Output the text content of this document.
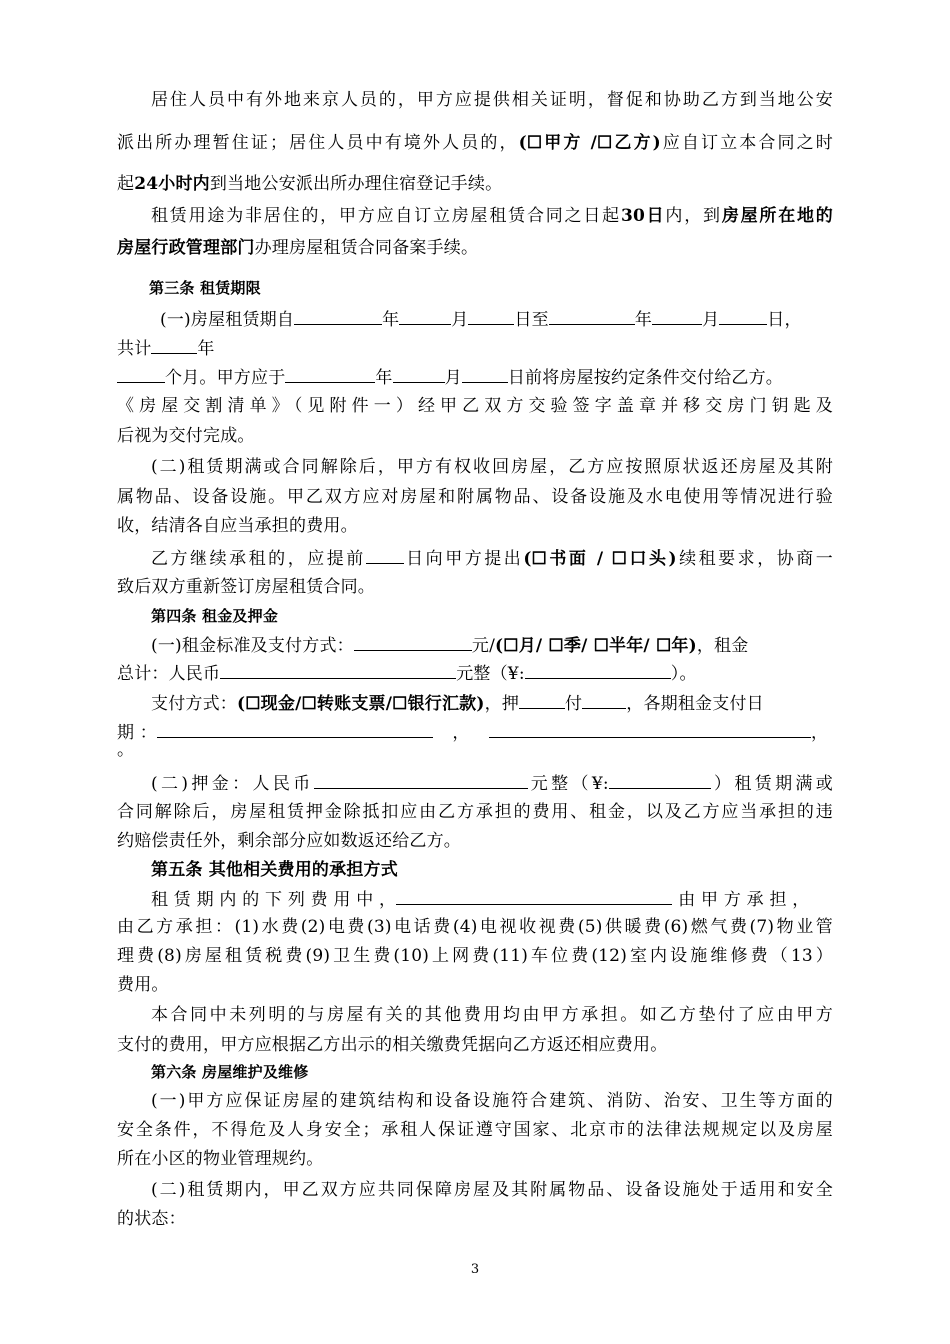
居住人员中有外地来京人员的，甲方应提供相关证明，督促和协助乙方到当地公安
派出所办理暂住证；居住人员中有境外人员的，(☐甲方 /☐乙方)应自订立本合同之时
起24小时内到当地公安派出所办理住宿登记手续。
租赁用途为非居住的，甲方应自订立房屋租赁合同之日起30日内，到房屋所在地的
房屋行政管理部门办理房屋租赁合同备案手续。
第三条 租赁期限
(一)房屋租赁期自	年	月	日至	年	月	日，
共计	年
个月。甲方应于	年	月	日前将房屋按约定条件交付给乙方。
《房屋交割清单》（见附件一）经甲乙双方交验签字盖章并移交房门钥匙及
后视为交付完成。
(二)租赁期满或合同解除后，甲方有权收回房屋，乙方应按照原状返还房屋及其附
属物品、设备设施。甲乙双方应对房屋和附属物品、设备设施及水电使用等情况进行验
收，结清各自应当承担的费用。
乙方继续承租的，应提前 日向甲方提出(☐书面 / ☐口头)续租要求，协商一
致后双方重新签订房屋租赁合同。
第四条 租金及押金
(一)租金标准及支付方式：	元/(☐月/ ☐季/ ☐半年/ ☐年)，租金
总计：人民币	元整（¥:	）。
支付方式：(☐现金/☐转账支票/☐银行汇款)，押	付	，各期租金支付日
期 ：	，	，
。
(二)押金：人民币	元整（¥:	）租赁期满或
合同解除后，房屋租赁押金除抵扣应由乙方承担的费用、租金，以及乙方应当承担的违
约赔偿责任外，剩余部分应如数返还给乙方。
第五条 其他相关费用的承担方式
租 赁 期 内 的 下 列 费 用 中 ，	由 甲 方 承 担 ，
由乙方承担：(1)水费(2)电费(3)电话费(4)电视收视费(5)供暖费(6)燃气费(7)物业管
理费(8)房屋租赁税费(9)卫生费(10)上网费(11)车位费(12)室内设施维修费（13）
费用。
本合同中未列明的与房屋有关的其他费用均由甲方承担。如乙方垫付了应由甲方
支付的费用，甲方应根据乙方出示的相关缴费凭据向乙方返还相应费用。
第六条 房屋维护及维修
(一)甲方应保证房屋的建筑结构和设备设施符合建筑、消防、治安、卫生等方面的
安全条件，不得危及人身安全；承租人保证遵守国家、北京市的法律法规规定以及房屋
所在小区的物业管理规约。
(二)租赁期内，甲乙双方应共同保障房屋及其附属物品、设备设施处于适用和安全
的状态：
3
